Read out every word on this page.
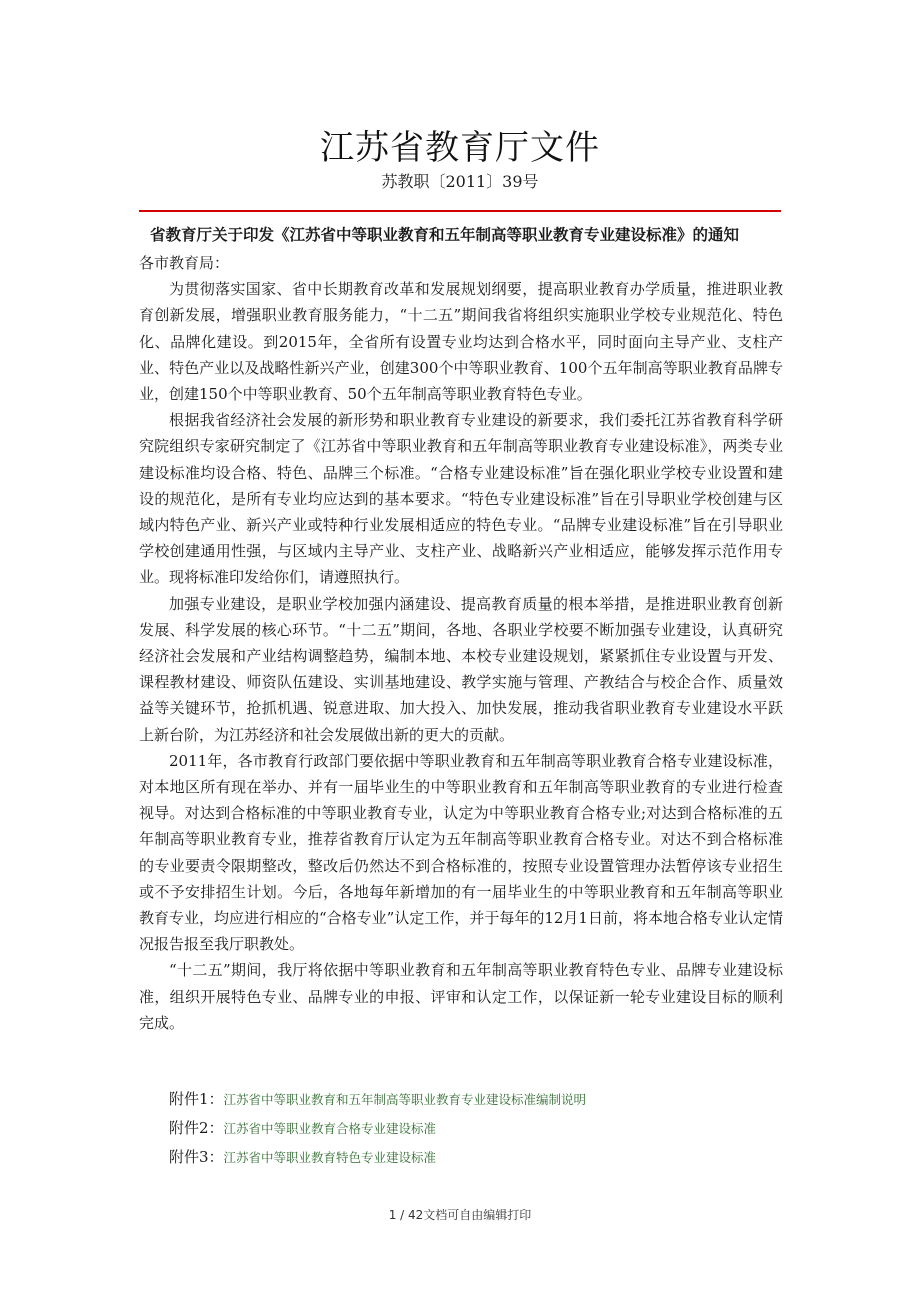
江苏省教育厅文件
苏教职〔2011〕39号
省教育厅关于印发《江苏省中等职业教育和五年制高等职业教育专业建设标准》的通知

各市教育局：

为贯彻落实国家、省中长期教育改革和发展规划纲要，提高职业教育办学质量，推进职业教育创新发展，增强职业教育服务能力，“十二五”期间我省将组织实施职业学校专业规范化、特色化、品牌化建设。到2015年，全省所有设置专业均达到合格水平，同时面向主导产业、支柱产业、特色产业以及战略性新兴产业，创建300个中等职业教育、100个五年制高等职业教育品牌专业，创建150个中等职业教育、50个五年制高等职业教育特色专业。

根据我省经济社会发展的新形势和职业教育专业建设的新要求，我们委托江苏省教育科学研究院组织专家研究制定了《江苏省中等职业教育和五年制高等职业教育专业建设标准》，两类专业建设标准均设合格、特色、品牌三个标准。“合格专业建设标准”旨在强化职业学校专业设置和建设的规范化，是所有专业均应达到的基本要求。“特色专业建设标准”旨在引导职业学校创建与区域内特色产业、新兴产业或特种行业发展相适应的特色专业。“品牌专业建设标准”旨在引导职业学校创建通用性强，与区域内主导产业、支柱产业、战略新兴产业相适应，能够发挥示范作用专业。现将标准印发给你们，请遵照执行。

加强专业建设，是职业学校加强内涵建设、提高教育质量的根本举措，是推进职业教育创新发展、科学发展的核心环节。“十二五”期间，各地、各职业学校要不断加强专业建设，认真研究经济社会发展和产业结构调整趋势，编制本地、本校专业建设规划，紧紧抓住专业设置与开发、课程教材建设、师资队伍建设、实训基地建设、教学实施与管理、产教结合与校企合作、质量效益等关键环节，抢抓机遇、锐意进取、加大投入、加快发展，推动我省职业教育专业建设水平跃上新台阶，为江苏经济和社会发展做出新的更大的贡献。

2011年，各市教育行政部门要依据中等职业教育和五年制高等职业教育合格专业建设标准，对本地区所有现在举办、并有一届毕业生的中等职业教育和五年制高等职业教育的专业进行检查视导。对达到合格标准的中等职业教育专业，认定为中等职业教育合格专业;对达到合格标准的五年制高等职业教育专业，推荐省教育厅认定为五年制高等职业教育合格专业。对达不到合格标准的专业要责令限期整改，整改后仍然达不到合格标准的，按照专业设置管理办法暂停该专业招生或不予安排招生计划。今后，各地每年新增加的有一届毕业生的中等职业教育和五年制高等职业教育专业，均应进行相应的“合格专业”认定工作，并于每年的12月1日前，将本地合格专业认定情况报告报至我厅职教处。

“十二五”期间，我厅将依据中等职业教育和五年制高等职业教育特色专业、品牌专业建设标准，组织开展特色专业、品牌专业的申报、评审和认定工作，以保证新一轮专业建设目标的顺利完成。

附件1：江苏省中等职业教育和五年制高等职业教育专业建设标准编制说明
附件2：江苏省中等职业教育合格专业建设标准
附件3：江苏省中等职业教育特色专业建设标准
1 / 42文档可自由编辑打印
